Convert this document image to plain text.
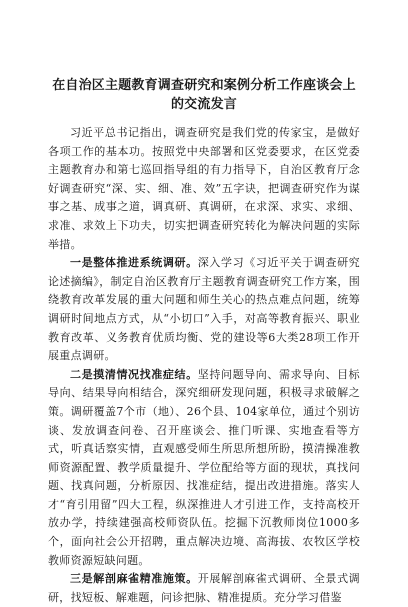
在自治区主题教育调查研究和案例分析工作座谈会上的交流发言

习近平总书记指出，调查研究是我们党的传家宝，是做好各项工作的基本功。按照党中央部署和区党委要求，在区党委主题教育办和第七巡回指导组的有力指导下，自治区教育厅念好调查研究“深、实、细、准、效”五字诀，把调查研究作为谋事之基、成事之道，调真研、真调研，在求深、求实、求细、求准、求效上下功夫，切实把调查研究转化为解决问题的实际举措。

一是整体推进系统调研。深入学习《习近平关于调查研究论述摘编》，制定自治区教育厅主题教育调查研究工作方案，围绕教育改革发展的重大问题和师生关心的热点难点问题，统筹调研时间地点方式，从“小切口”入手，对高等教育振兴、职业教育改革、义务教育优质均衡、党的建设等6大类28项工作开展重点调研。

二是摸清情况找准症结。坚持问题导向、需求导向、目标导向、结果导向相结合，深究细研发现问题，积极寻求破解之策。调研覆盖7个市（地）、26个县、104家单位，通过个别访谈、发放调查问卷、召开座谈会、推门听课、实地查看等方式，听真话察实情，直观感受师生所思所想所盼，摸清操准教师资源配置、教学质量提升、学位配给等方面的现状，真找问题、找真问题，分析原因、找准症结，提出改进措施。落实人才“育引用留”四大工程，纵深推进人才引进工作，支持高校开放办学，持续建强高校师资队伍。挖掘下沉教师岗位1000多个，面向社会公开招聘，重点解决边境、高海拔、农牧区学校教师资源短缺问题。

三是解剖麻雀精准施策。开展解剖麻雀式调研、全景式调研，找短板、解难题，问诊把脉、精准提质。充分学习借鉴
